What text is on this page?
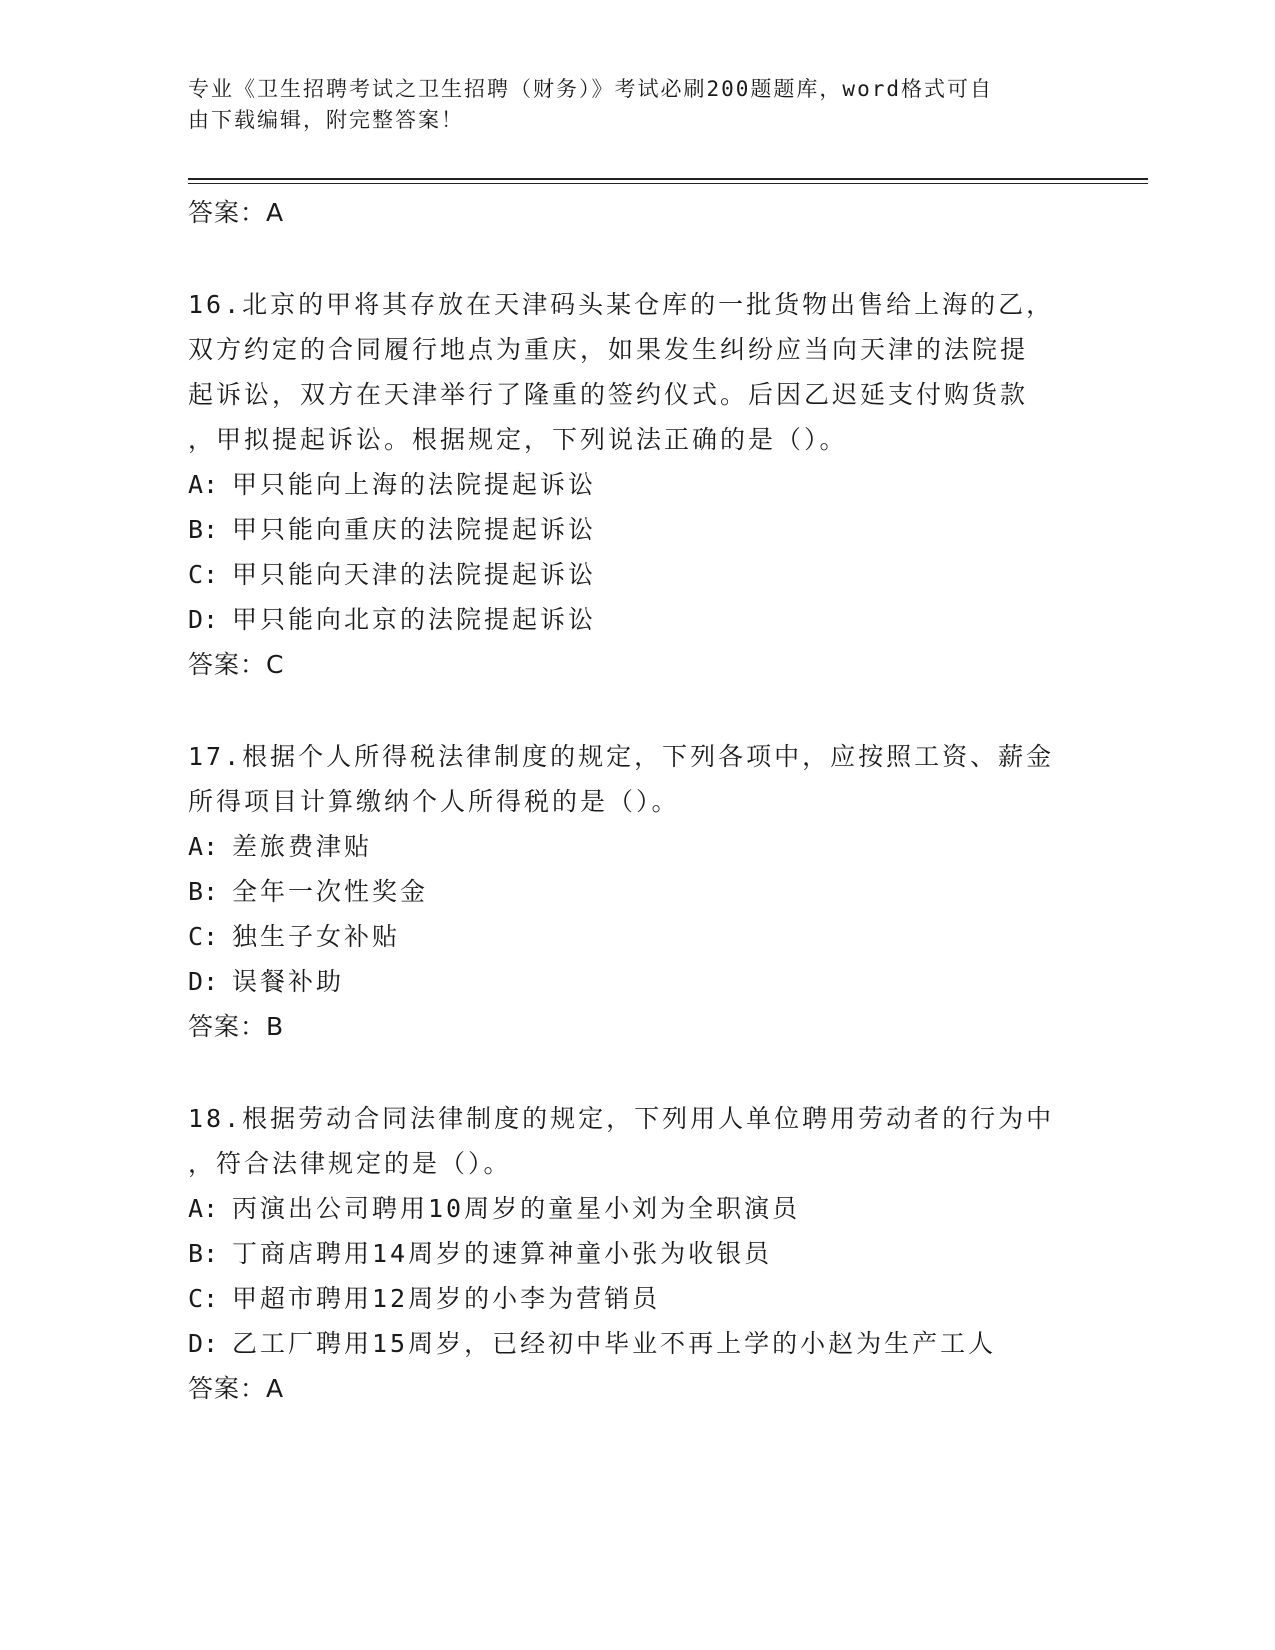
专业《卫生招聘考试之卫生招聘（财务）》考试必刷200题题库，word格式可自
由下载编辑，附完整答案！
答案：A
16.北京的甲将其存放在天津码头某仓库的一批货物出售给上海的乙，
双方约定的合同履行地点为重庆，如果发生纠纷应当向天津的法院提
起诉讼，双方在天津举行了隆重的签约仪式。后因乙迟延支付购货款
，甲拟提起诉讼。根据规定，下列说法正确的是（）。
A: 甲只能向上海的法院提起诉讼
B: 甲只能向重庆的法院提起诉讼
C: 甲只能向天津的法院提起诉讼
D: 甲只能向北京的法院提起诉讼
答案：C
17.根据个人所得税法律制度的规定，下列各项中，应按照工资、薪金
所得项目计算缴纳个人所得税的是（）。
A: 差旅费津贴
B: 全年一次性奖金
C: 独生子女补贴
D: 误餐补助
答案：B
18.根据劳动合同法律制度的规定，下列用人单位聘用劳动者的行为中
，符合法律规定的是（）。
A: 丙演出公司聘用10周岁的童星小刘为全职演员
B: 丁商店聘用14周岁的速算神童小张为收银员
C: 甲超市聘用12周岁的小李为营销员
D: 乙工厂聘用15周岁，已经初中毕业不再上学的小赵为生产工人
答案：A
